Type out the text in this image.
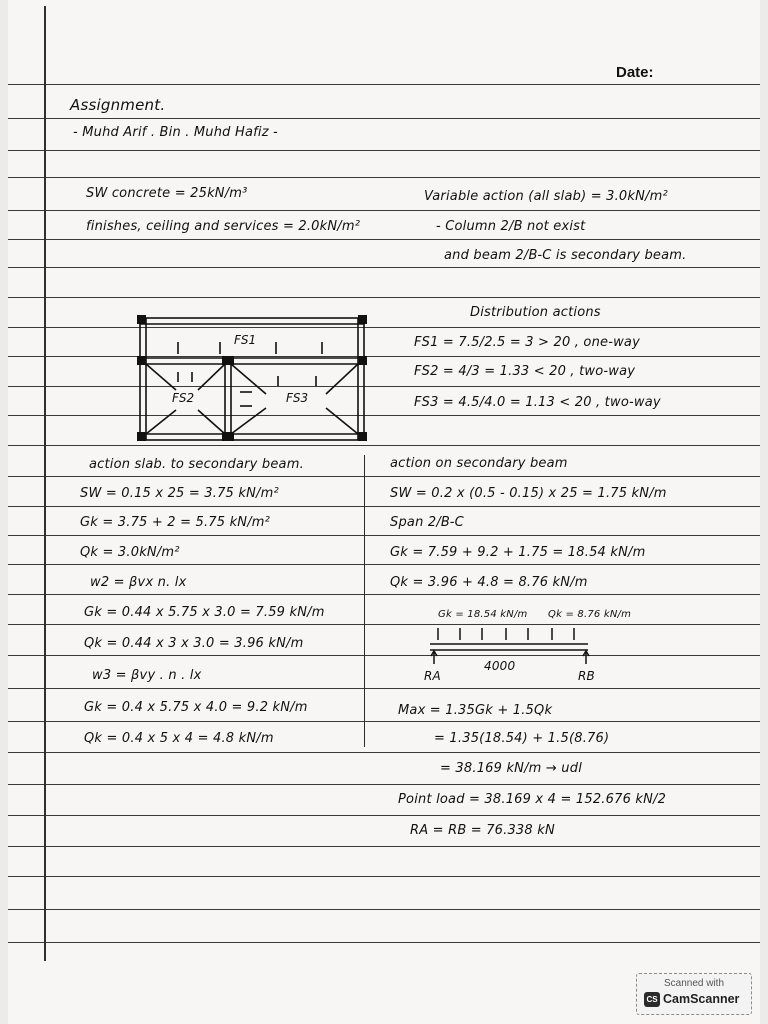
Date:
Assignment.
- Muhd Arif . Bin . Muhd Hafiz -
SW concrete = 25kN/m³
finishes, ceiling and services = 2.0kN/m²
Variable action (all slab) = 3.0kN/m²
- Column 2/B not exist
and beam 2/B-C is secondary beam.
FS1
FS2	FS3
Distribution actions
FS1 = 7.5/2.5 = 3 > 20 , one-way
FS2 = 4/3 = 1.33 < 20 , two-way
FS3 = 4.5/4.0 = 1.13 < 20 , two-way
action slab. to secondary beam.
SW = 0.15 x 25 = 3.75 kN/m²
Gk = 3.75 + 2 = 5.75 kN/m²
Qk = 3.0kN/m²
w2 = βvx n. lx
Gk = 0.44 x 5.75 x 3.0 = 7.59 kN/m
Qk = 0.44 x 3 x 3.0 = 3.96 kN/m
w3 = βvy . n . lx
Gk = 0.4 x 5.75 x 4.0 = 9.2 kN/m
Qk = 0.4 x 5 x 4 = 4.8 kN/m
action on secondary beam
SW = 0.2 x (0.5 - 0.15) x 25 = 1.75 kN/m
Span 2/B-C
Gk = 7.59 + 9.2 + 1.75 = 18.54 kN/m
Qk = 3.96 + 4.8 = 8.76 kN/m
Gk = 18.54 kN/m Qk = 8.76 kN/m
4000
RA	RB
Max = 1.35Gk + 1.5Qk
= 1.35(18.54) + 1.5(8.76)
= 38.169 kN/m → udl
Point load = 38.169 x 4 = 152.676 kN/2
RA = RB = 76.338 kN
Scanned with
CS CamScanner
